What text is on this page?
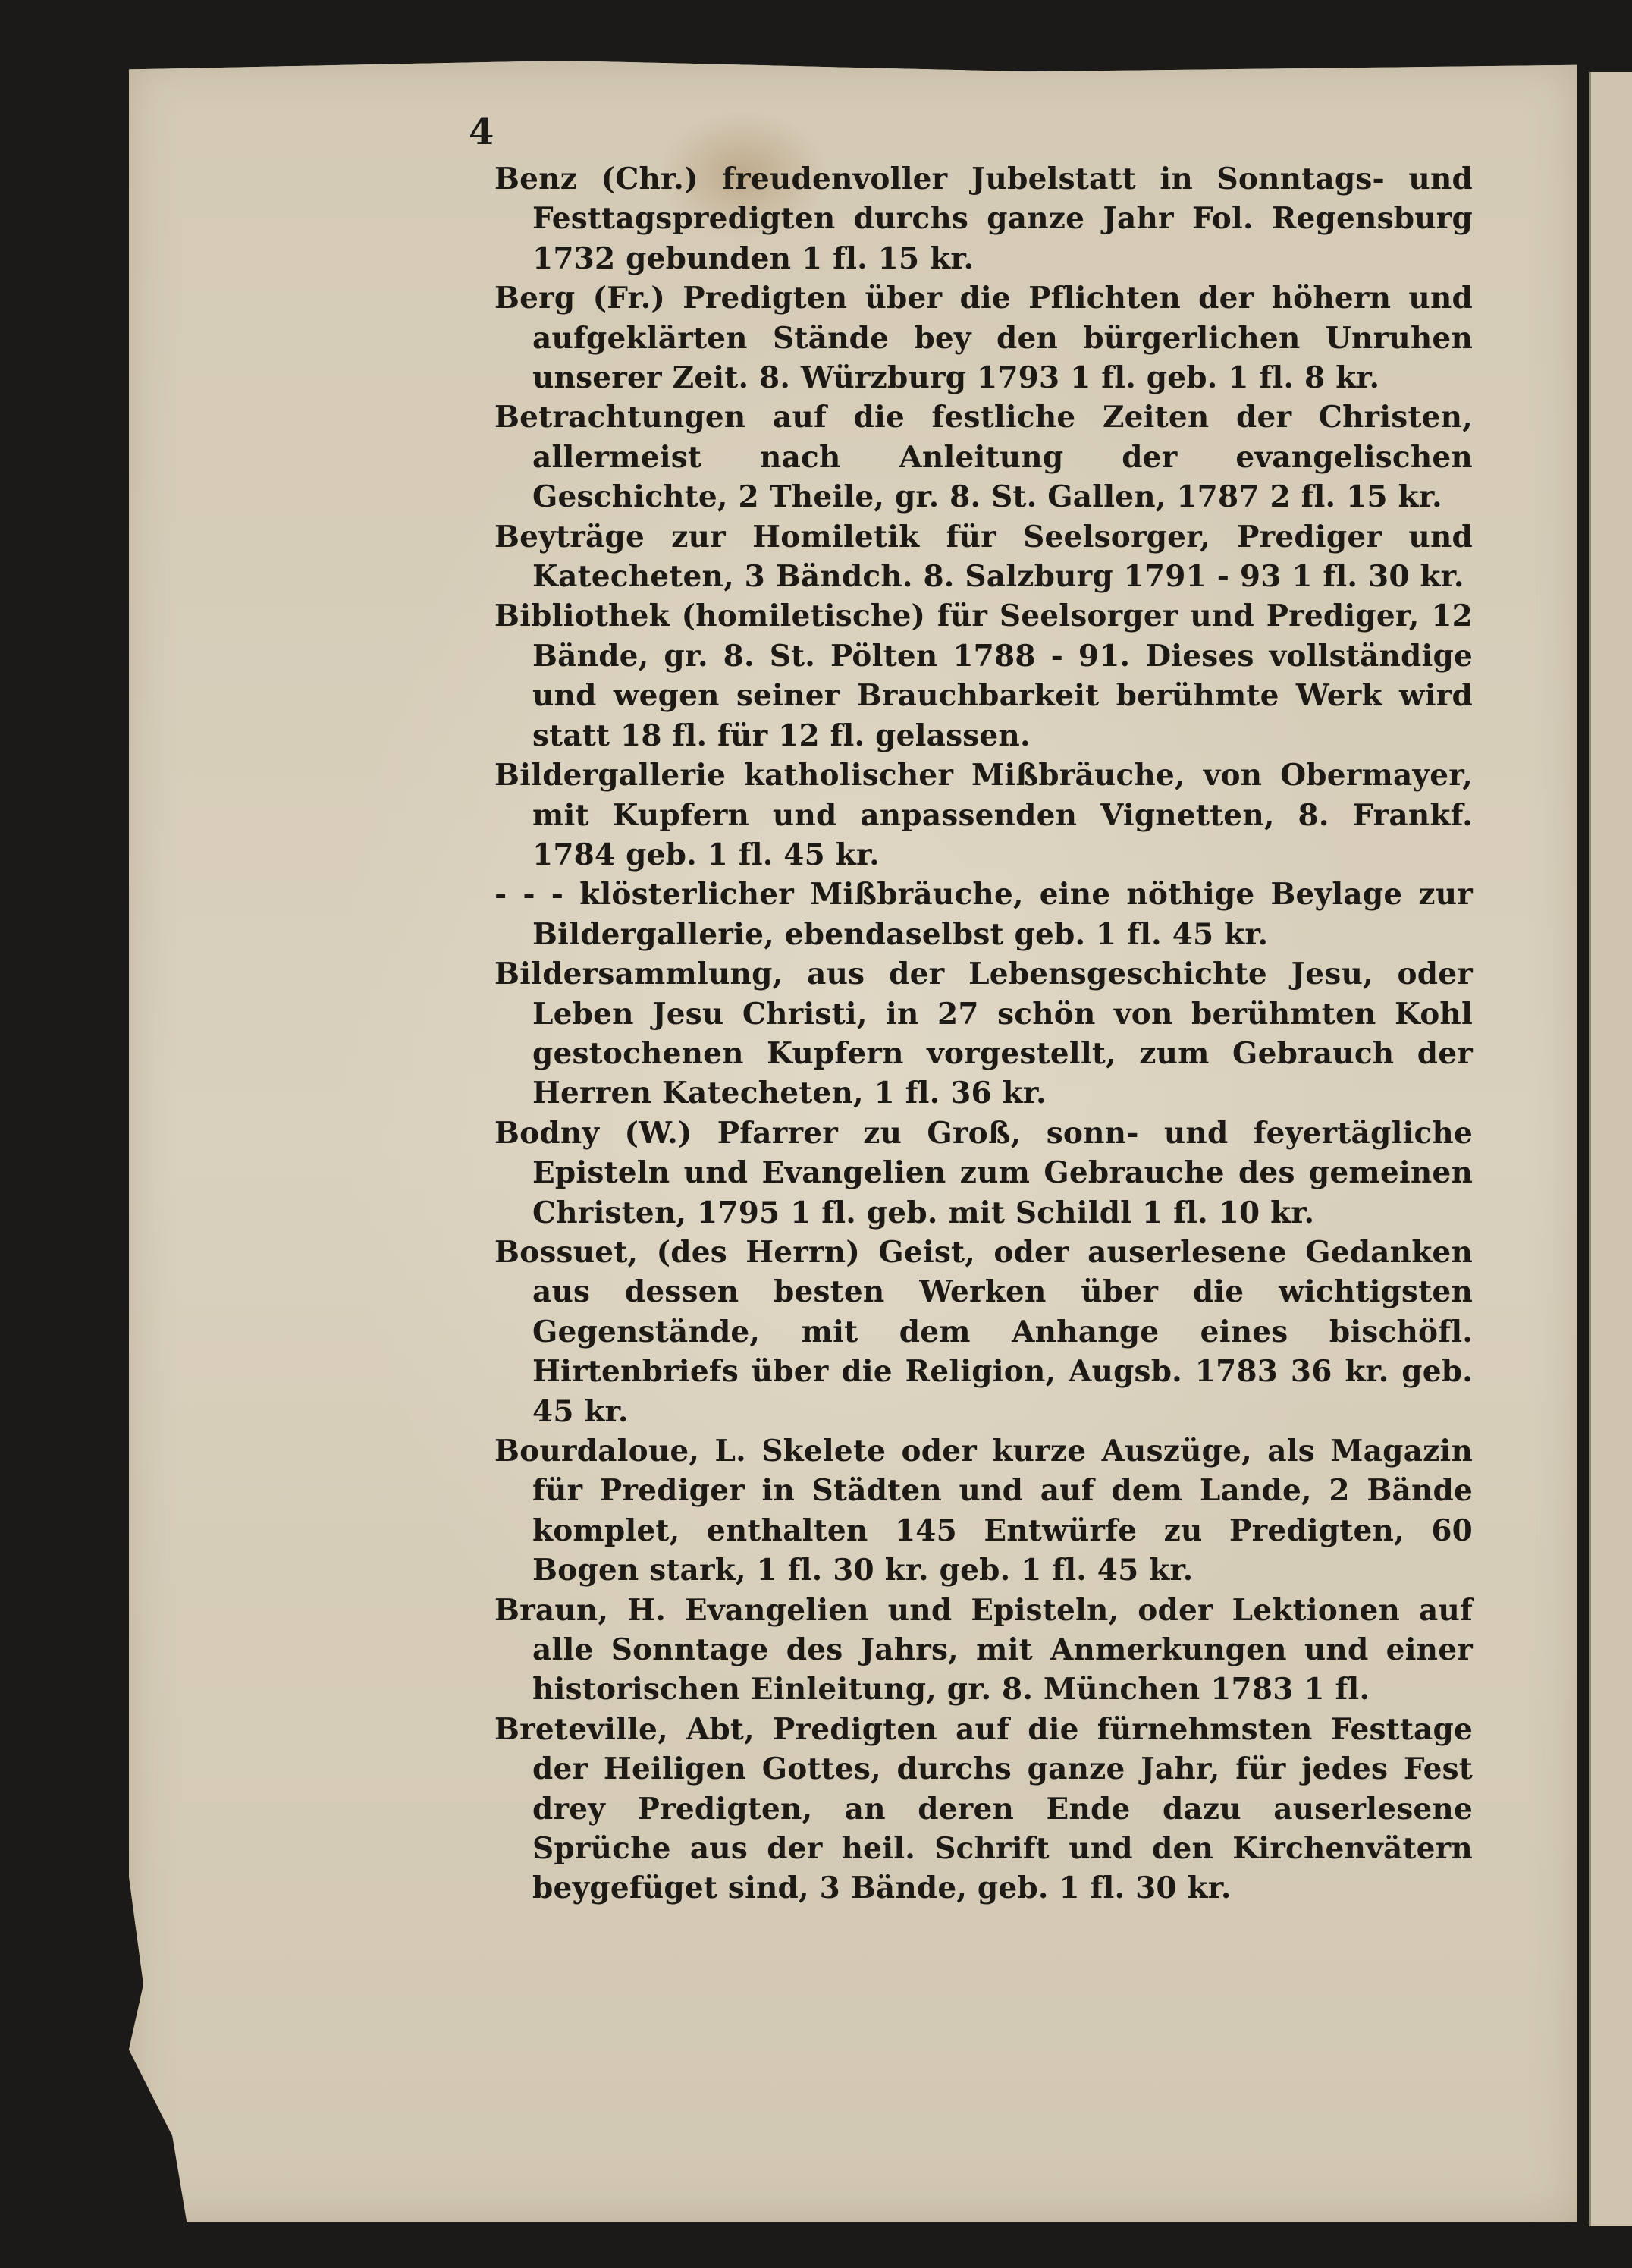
4

Benz (Chr.) freudenvoller Jubelstatt in Sonntags- und Festtagspredigten durchs ganze Jahr Fol. Regensburg 1732 gebunden 1 fl. 15 kr.

Berg (Fr.) Predigten über die Pflichten der höhern und aufgeklärten Stände bey den bürgerlichen Unruhen unserer Zeit. 8. Würzburg 1793 1 fl. geb. 1 fl. 8 kr.

Betrachtungen auf die festliche Zeiten der Christen, allermeist nach Anleitung der evangelischen Geschichte, 2 Theile, gr. 8. St. Gallen, 1787 2 fl. 15 kr.

Beyträge zur Homiletik für Seelsorger, Prediger und Katecheten, 3 Bändch. 8. Salzburg 1791 - 93 1 fl. 30 kr.

Bibliothek (homiletische) für Seelsorger und Prediger, 12 Bände, gr. 8. St. Pölten 1788 - 91. Dieses vollständige und wegen seiner Brauchbarkeit berühmte Werk wird statt 18 fl. für 12 fl. gelassen.

Bildergallerie katholischer Mißbräuche, von Obermayer, mit Kupfern und anpassenden Vignetten, 8. Frankf. 1784 geb. 1 fl. 45 kr.

- - - klösterlicher Mißbräuche, eine nöthige Beylage zur Bildergallerie, ebendaselbst geb. 1 fl. 45 kr.

Bildersammlung, aus der Lebensgeschichte Jesu, oder Leben Jesu Christi, in 27 schön von berühmten Kohl gestochenen Kupfern vorgestellt, zum Gebrauch der Herren Katecheten, 1 fl. 36 kr.

Bodny (W.) Pfarrer zu Groß, sonn- und feyertägliche Episteln und Evangelien zum Gebrauche des gemeinen Christen, 1795 1 fl. geb. mit Schildl 1 fl. 10 kr.

Bossuet, (des Herrn) Geist, oder auserlesene Gedanken aus dessen besten Werken über die wichtigsten Gegenstände, mit dem Anhange eines bischöfl. Hirtenbriefs über die Religion, Augsb. 1783 36 kr. geb. 45 kr.

Bourdaloue, L. Skelete oder kurze Auszüge, als Magazin für Prediger in Städten und auf dem Lande, 2 Bände komplet, enthalten 145 Entwürfe zu Predigten, 60 Bogen stark, 1 fl. 30 kr. geb. 1 fl. 45 kr.

Braun, H. Evangelien und Episteln, oder Lektionen auf alle Sonntage des Jahrs, mit Anmerkungen und einer historischen Einleitung, gr. 8. München 1783 1 fl.

Breteville, Abt, Predigten auf die fürnehmsten Festtage der Heiligen Gottes, durchs ganze Jahr, für jedes Fest drey Predigten, an deren Ende dazu auserlesene Sprüche aus der heil. Schrift und den Kirchenvätern beygefüget sind, 3 Bände, geb. 1 fl. 30 kr.
